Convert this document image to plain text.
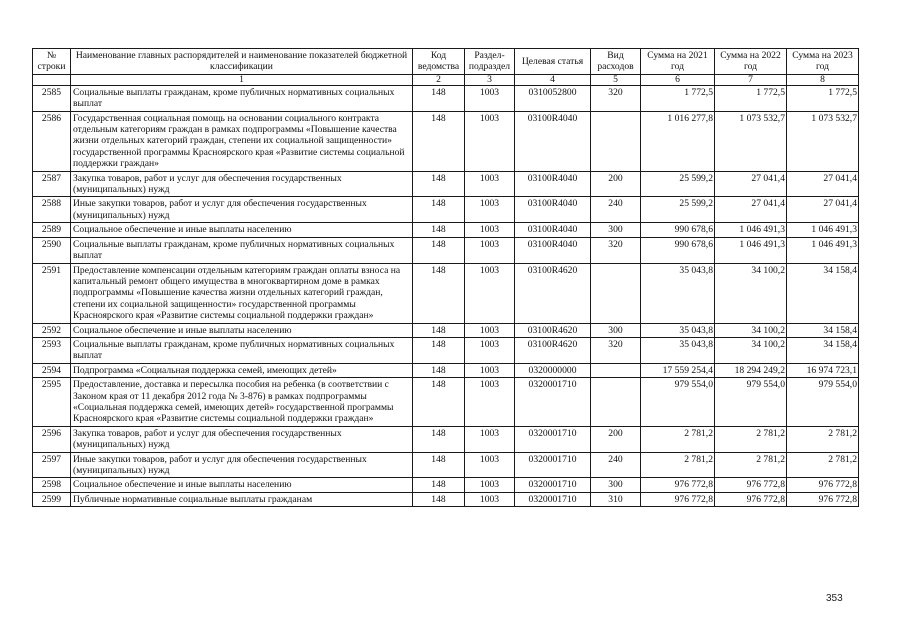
№ строки	Наименование главных распорядителей и наименование показателей бюджетной классификации	Код ведомства	Раздел-подраздел	Целевая статья	Вид расходов	Сумма на 2021 год	Сумма на 2022 год	Сумма на 2023 год
	1	2	3	4	5	6	7	8
2585	Социальные выплаты гражданам, кроме публичных нормативных социальных выплат	148	1003	0310052800	320	1 772,5	1 772,5	1 772,5
2586	Государственная социальная помощь на основании социального контракта отдельным категориям граждан в рамках подпрограммы «Повышение качества жизни отдельных категорий граждан, степени их социальной защищенности» государственной программы Красноярского края «Развитие системы социальной поддержки граждан»	148	1003	03100R4040		1 016 277,8	1 073 532,7	1 073 532,7
2587	Закупка товаров, работ и услуг для обеспечения государственных (муниципальных) нужд	148	1003	03100R4040	200	25 599,2	27 041,4	27 041,4
2588	Иные закупки товаров, работ и услуг для обеспечения государственных (муниципальных) нужд	148	1003	03100R4040	240	25 599,2	27 041,4	27 041,4
2589	Социальное обеспечение и иные выплаты населению	148	1003	03100R4040	300	990 678,6	1 046 491,3	1 046 491,3
2590	Социальные выплаты гражданам, кроме публичных нормативных социальных выплат	148	1003	03100R4040	320	990 678,6	1 046 491,3	1 046 491,3
2591	Предоставление компенсации отдельным категориям граждан оплаты взноса на капитальный ремонт общего имущества в многоквартирном доме в рамках подпрограммы «Повышение качества жизни отдельных категорий граждан, степени их социальной защищенности» государственной программы Красноярского края «Развитие системы социальной поддержки граждан»	148	1003	03100R4620		35 043,8	34 100,2	34 158,4
2592	Социальное обеспечение и иные выплаты населению	148	1003	03100R4620	300	35 043,8	34 100,2	34 158,4
2593	Социальные выплаты гражданам, кроме публичных нормативных социальных выплат	148	1003	03100R4620	320	35 043,8	34 100,2	34 158,4
2594	Подпрограмма «Социальная поддержка семей, имеющих детей»	148	1003	0320000000		17 559 254,4	18 294 249,2	16 974 723,1
2595	Предоставление, доставка и пересылка пособия на ребенка (в соответствии с Законом края от 11 декабря 2012 года № 3-876) в рамках подпрограммы «Социальная поддержка семей, имеющих детей» государственной программы Красноярского края «Развитие системы социальной поддержки граждан»	148	1003	0320001710		979 554,0	979 554,0	979 554,0
2596	Закупка товаров, работ и услуг для обеспечения государственных (муниципальных) нужд	148	1003	0320001710	200	2 781,2	2 781,2	2 781,2
2597	Иные закупки товаров, работ и услуг для обеспечения государственных (муниципальных) нужд	148	1003	0320001710	240	2 781,2	2 781,2	2 781,2
2598	Социальное обеспечение и иные выплаты населению	148	1003	0320001710	300	976 772,8	976 772,8	976 772,8
2599	Публичные нормативные социальные выплаты гражданам	148	1003	0320001710	310	976 772,8	976 772,8	976 772,8
353
